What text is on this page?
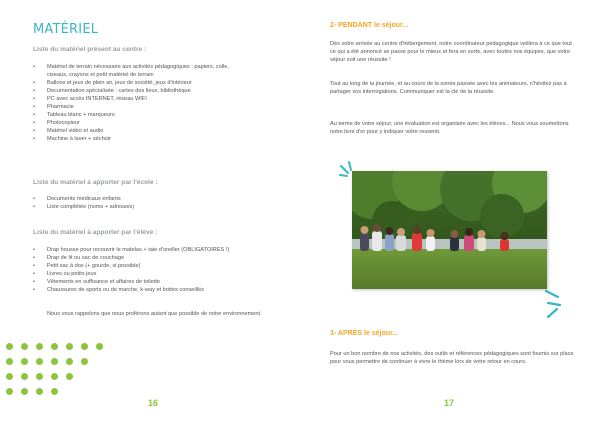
MATÉRIEL
Liste du matériel présent au centre :
• Matériel de terrain nécessaire aux activités pédagogiques : papiers, colle,
ciseaux, crayons et petit matériel de terrain
• Ballons et jeux de plein air, jeux de société, jeux d'intérieur
• Documentation spécialisée : cartes des lieux, bibliothèque
• PC avec accès INTERNET, réseau WIFI
• Pharmacie
• Tableau blanc + marqueurs
• Photocopieur
• Matériel vidéo et audio
• Machine à laver + séchoir
Liste du matériel à apporter par l'école :
• Documents médicaux enfants
• Liste complétée (noms + adresses)
Liste du matériel à apporter par l'élève :
• Drap housse pour recouvrir le matelas + taie d'oreiller (OBLIGATOIRES !)
• Drap de lit ou sac de couchage
• Petit sac à dos (+ gourde, si possible)
• Livres ou petits jeux
• Vêtements en suffisance et affaires de toilette
• Chaussures de sports ou de marche, k-way et bottes conseillés
Nous vous rappelons que nous proférons autant que possible de notre environnement.
16
2- PENDANT le séjour...
Dès votre arrivée au centre d'hébergement, notre coordinateur pédagogique veillera à ce que tout ce qui a été annoncé se passe pour le mieux et fera en sorte, avec toutes nos équipes, que votre séjour soit une réussite !
Tout au long de la journée, et au cours de la soirée passée avec les animateurs, n'hésitez pas à partager vos interrogations. Communiquer est la clé de la réussite.
Au terme de votre séjour, une évaluation est organisée avec les élèves... Nous vous soumettons notre livre d'or pour y indiquer votre ressenti.
3- APRÈS le séjour...
Pour un bon nombre de nos activités, des outils et références pédagogiques sont fournis sur place pour vous permettre de continuer à vivre le thème lors de votre retour en cours.
17
